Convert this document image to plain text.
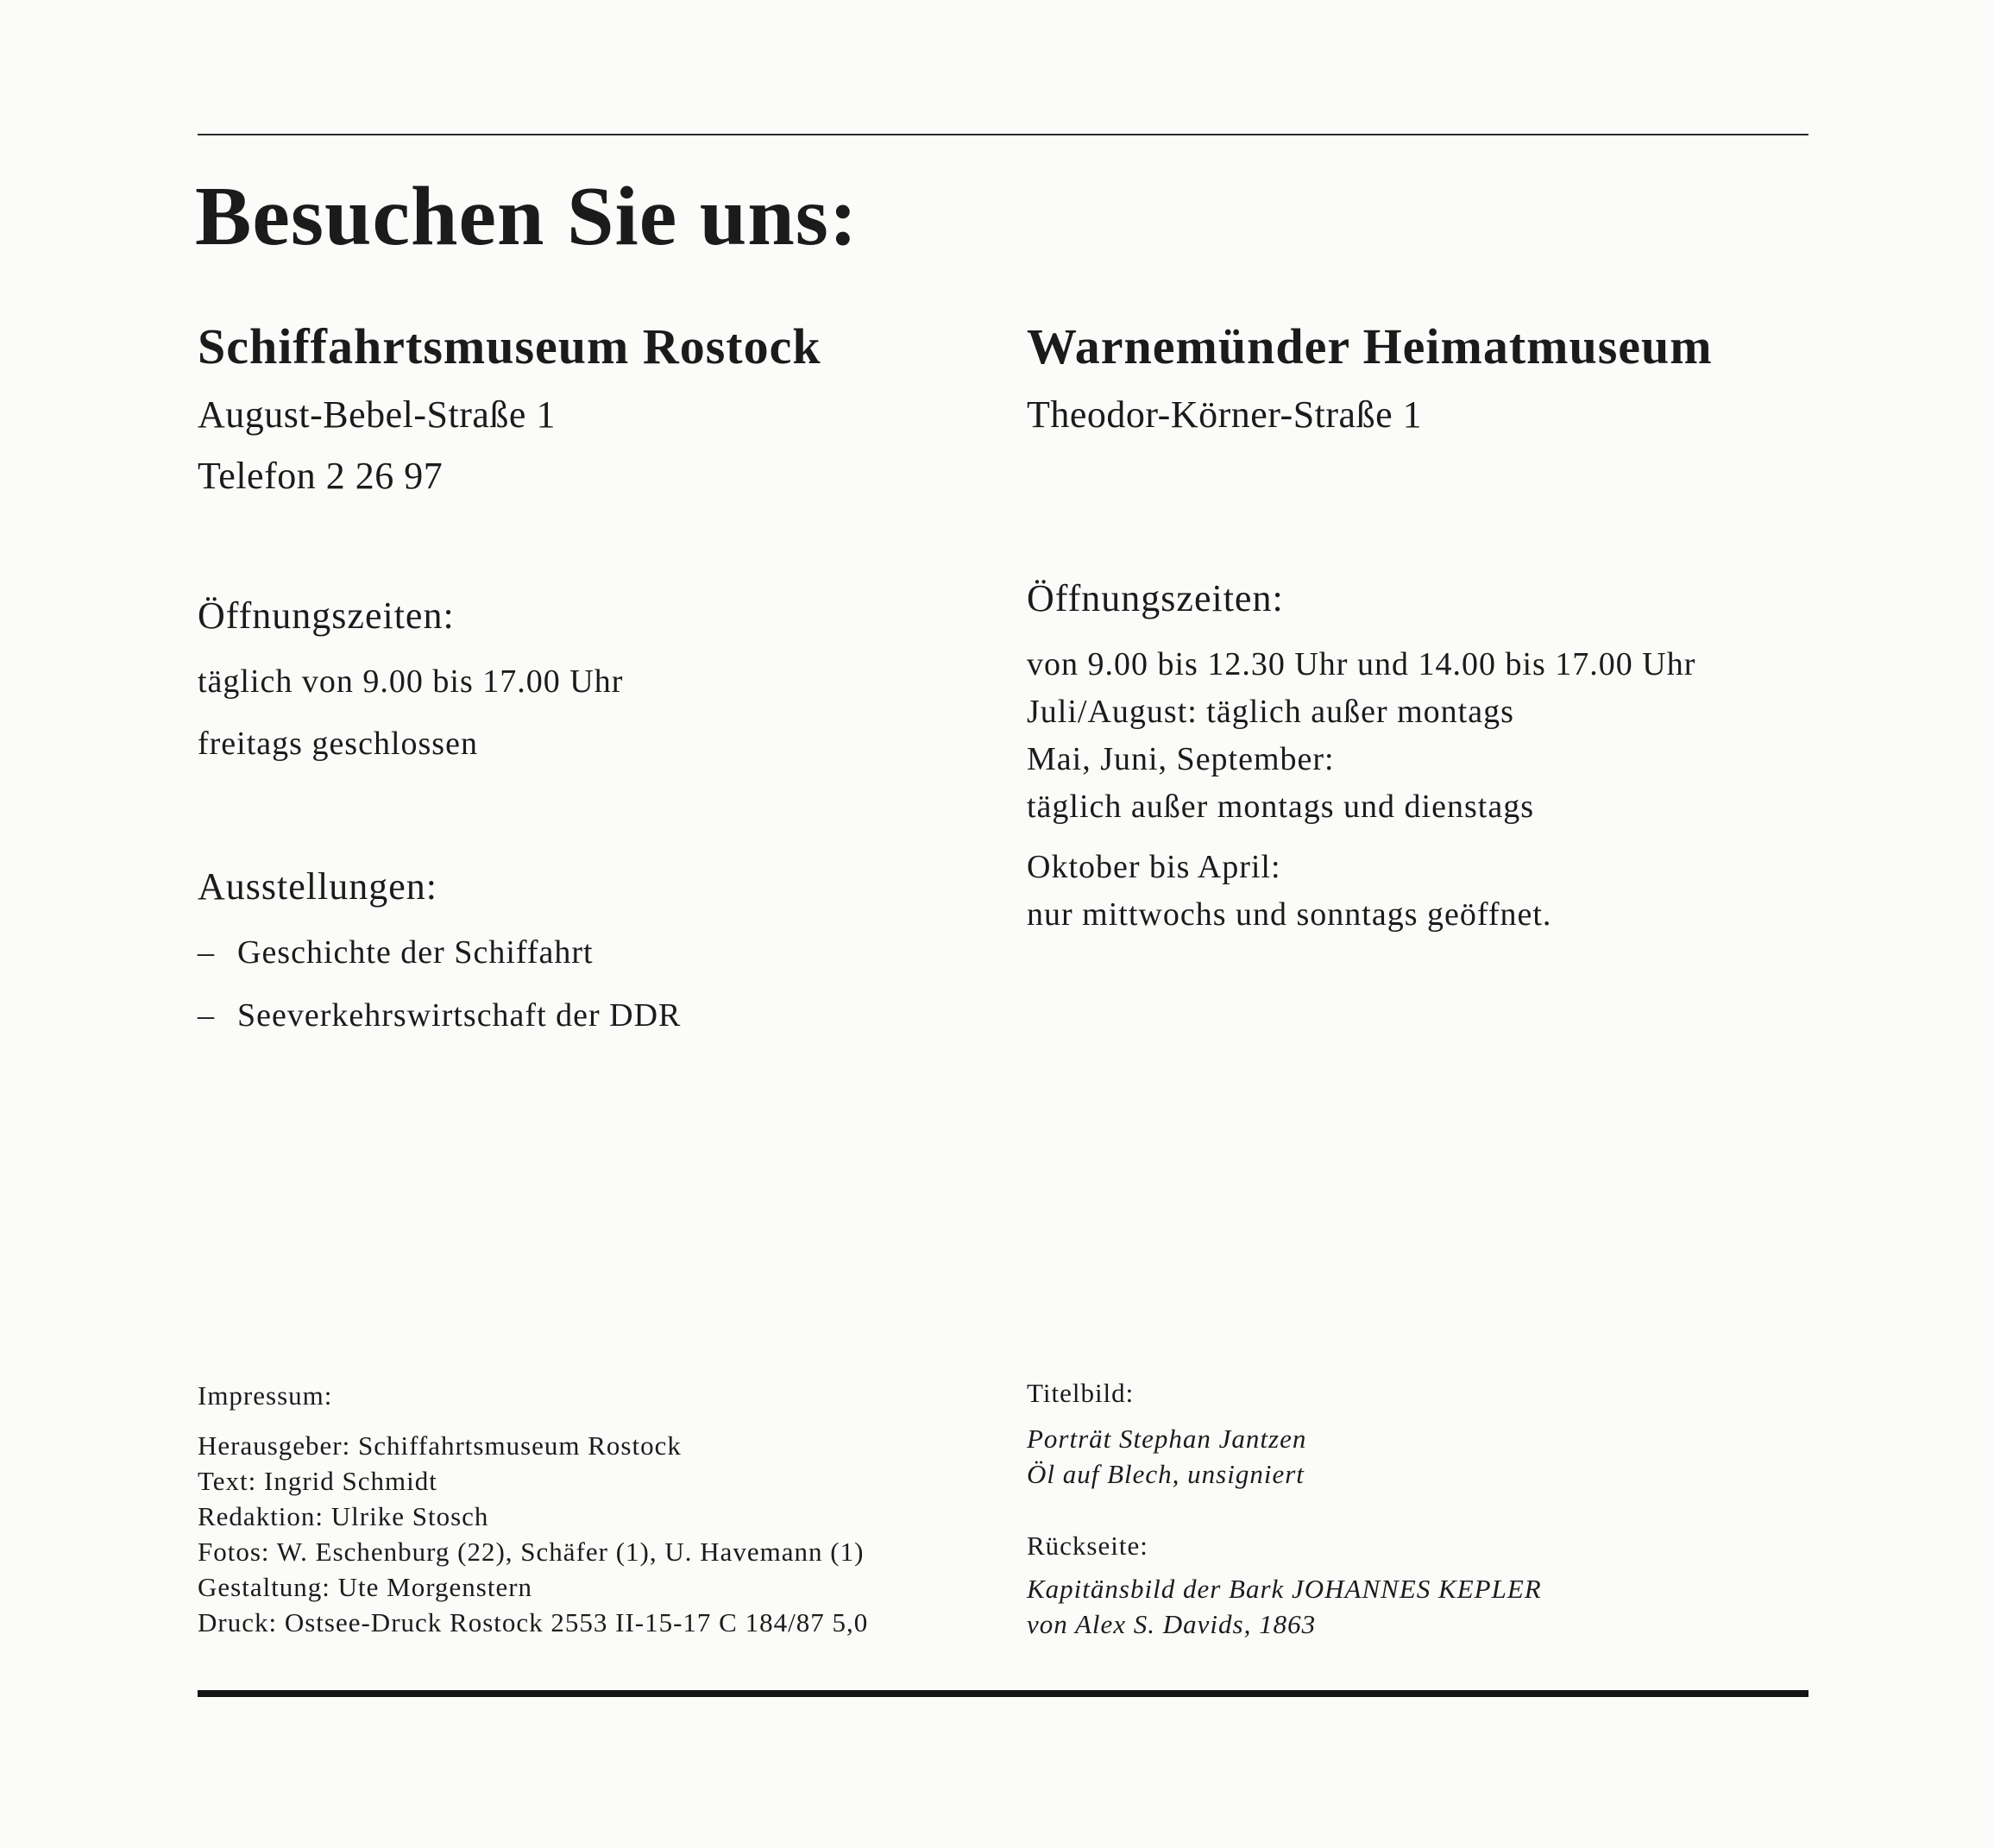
Besuchen Sie uns:
Schiffahrtsmuseum Rostock
August-Bebel-Straße 1
Telefon 2 26 97
Öffnungszeiten:
täglich von 9.00 bis 17.00 Uhr
freitags geschlossen
Ausstellungen:
– Geschichte der Schiffahrt
– Seeverkehrswirtschaft der DDR
Warnemünder Heimatmuseum
Theodor-Körner-Straße 1
Öffnungszeiten:
von 9.00 bis 12.30 Uhr und 14.00 bis 17.00 Uhr
Juli/August: täglich außer montags
Mai, Juni, September:
täglich außer montags und dienstags
Oktober bis April:
nur mittwochs und sonntags geöffnet.
Impressum:
Herausgeber: Schiffahrtsmuseum Rostock
Text: Ingrid Schmidt
Redaktion: Ulrike Stosch
Fotos: W. Eschenburg (22), Schäfer (1), U. Havemann (1)
Gestaltung: Ute Morgenstern
Druck: Ostsee-Druck Rostock 2553 II-15-17 C 184/87 5,0
Titelbild:
Porträt Stephan Jantzen
Öl auf Blech, unsigniert
Rückseite:
Kapitänsbild der Bark JOHANNES KEPLER
von Alex S. Davids, 1863
